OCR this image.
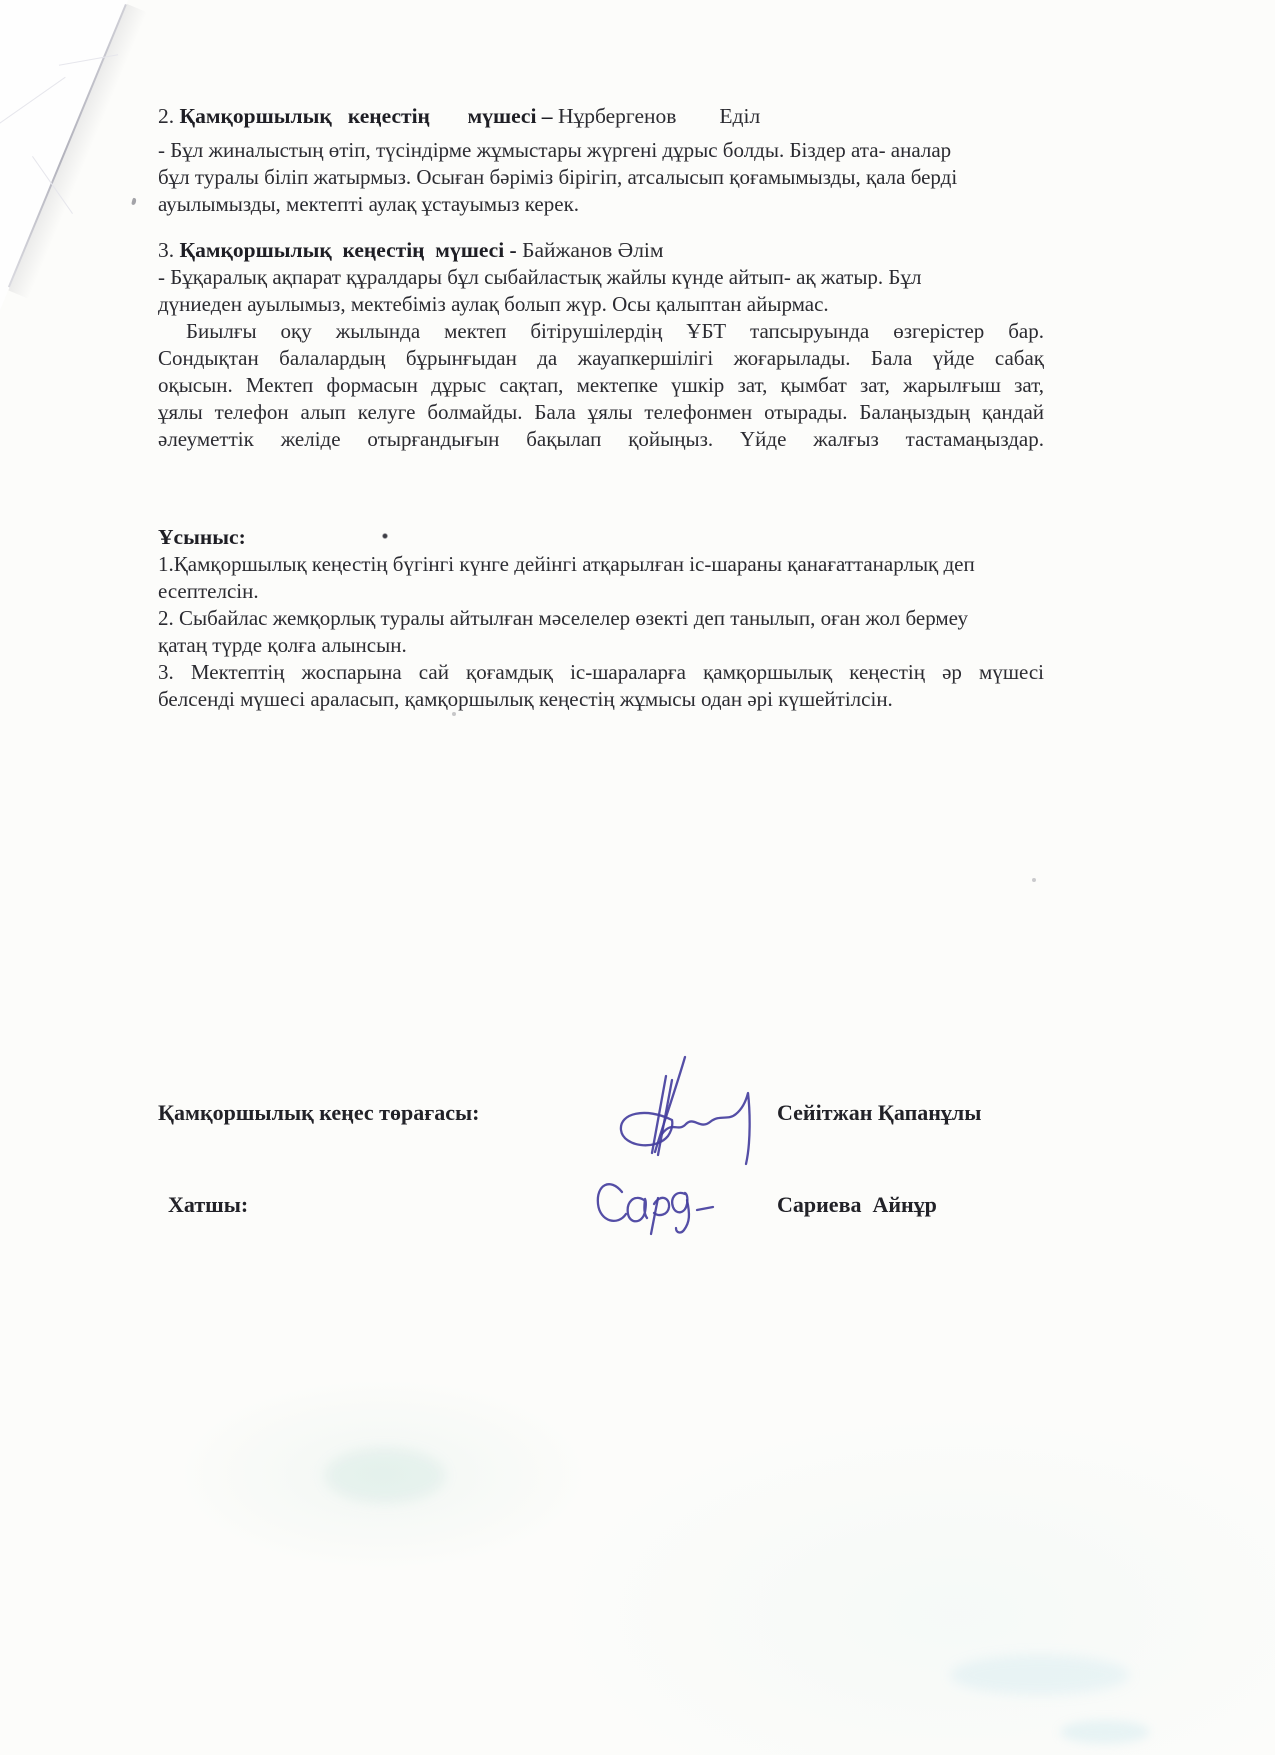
2. Қамқоршылық   кеңестің       мүшесі – Нұрбергенов        Еділ
- Бұл жиналыстың өтіп, түсіндірме жұмыстары жүргені дұрыс болды. Біздер ата- аналар
бұл туралы біліп жатырмыз. Осыған бәріміз бірігіп, атсалысып қоғамымызды, қала берді
ауылымызды, мектепті аулақ ұстауымыз керек.
3. Қамқоршылық  кеңестің  мүшесі - Байжанов Әлім
- Бұқаралық ақпарат құралдары бұл сыбайластық жайлы күнде айтып- ақ жатыр. Бұл
дүниеден ауылымыз, мектебіміз аулақ болып жүр. Осы қалыптан айырмас.
Биылғы оқу жылында мектеп бітірушілердің ҰБТ тапсыруында өзгерістер бар.
Сондықтан балалардың бұрынғыдан да жауапкершілігі жоғарылады. Бала үйде сабақ
оқысын. Мектеп формасын дұрыс сақтап, мектепке үшкір зат, қымбат зат, жарылғыш зат,
ұялы телефон алып келуге болмайды. Бала ұялы телефонмен отырады. Балаңыздың қандай
әлеуметтік желіде отырғандығын бақылап қойыңыз. Үйде жалғыз тастамаңыздар.
Ұсыныс:
1.Қамқоршылық кеңестің бүгінгі күнге дейінгі атқарылған іс-шараны қанағаттанарлық деп
есептелсін.
2. Сыбайлас жемқорлық туралы айтылған мәселелер өзекті деп танылып, оған жол бермеу
қатаң түрде қолға алынсын.
3. Мектептің жоспарына сай қоғамдық іс-шараларға қамқоршылық кеңестің әр мүшесі
белсенді мүшесі араласып, қамқоршылық кеңестің жұмысы одан әрі күшейтілсін.
Қамқоршылық кеңес төрағасы:	Сейітжан Қапанұлы
Хатшы:	Сариева  Айнұр
